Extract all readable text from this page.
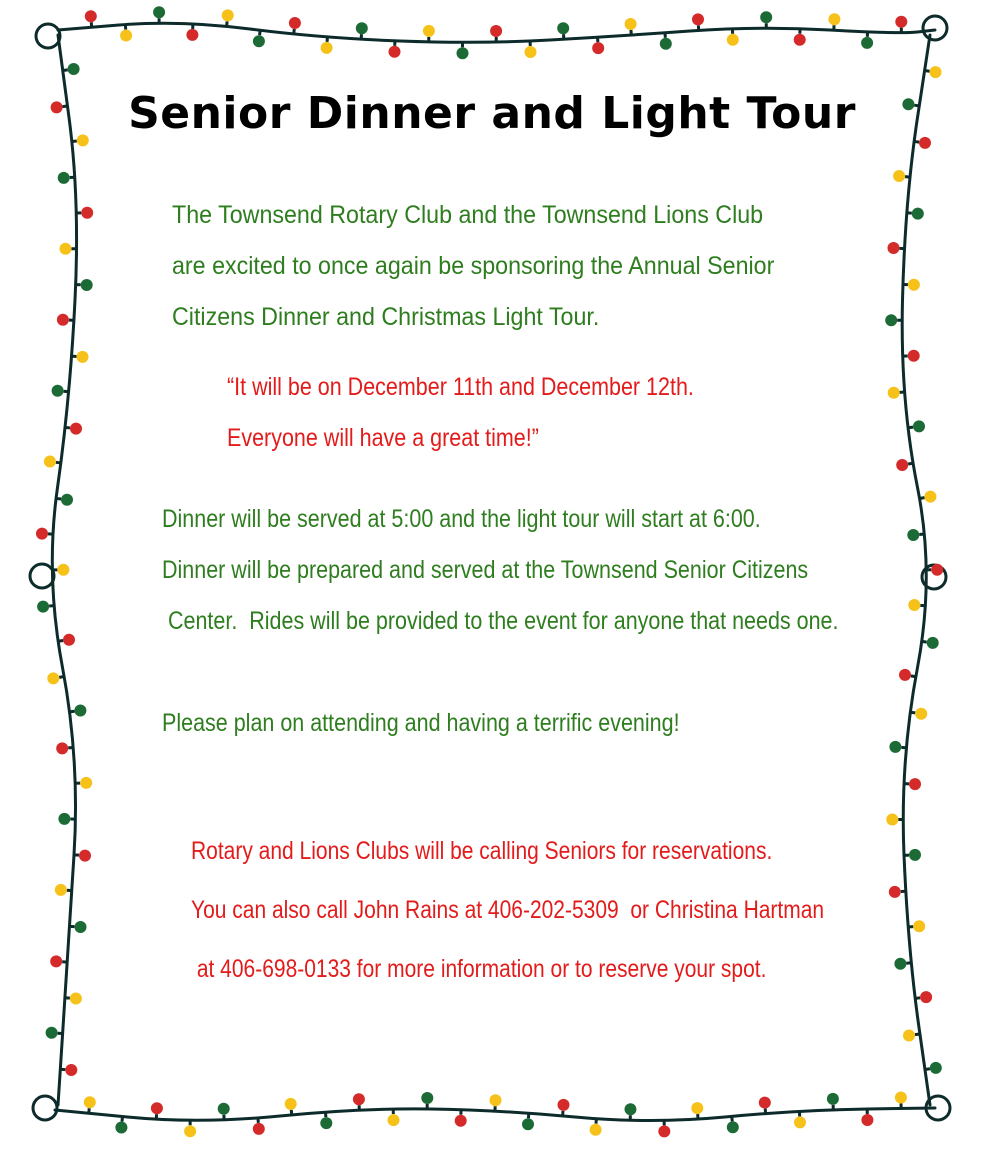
Senior Dinner and Light Tour

The Townsend Rotary Club and the Townsend Lions Club
are excited to once again be sponsoring the Annual Senior
Citizens Dinner and Christmas Light Tour.

“It will be on December 11th and December 12th.
Everyone will have a great time!”

Dinner will be served at 5:00 and the light tour will start at 6:00.
Dinner will be prepared and served at the Townsend Senior Citizens
Center.  Rides will be provided to the event for anyone that needs one.

Please plan on attending and having a terrific evening!

Rotary and Lions Clubs will be calling Seniors for reservations.
You can also call John Rains at 406-202-5309  or Christina Hartman
at 406-698-0133 for more information or to reserve your spot.
